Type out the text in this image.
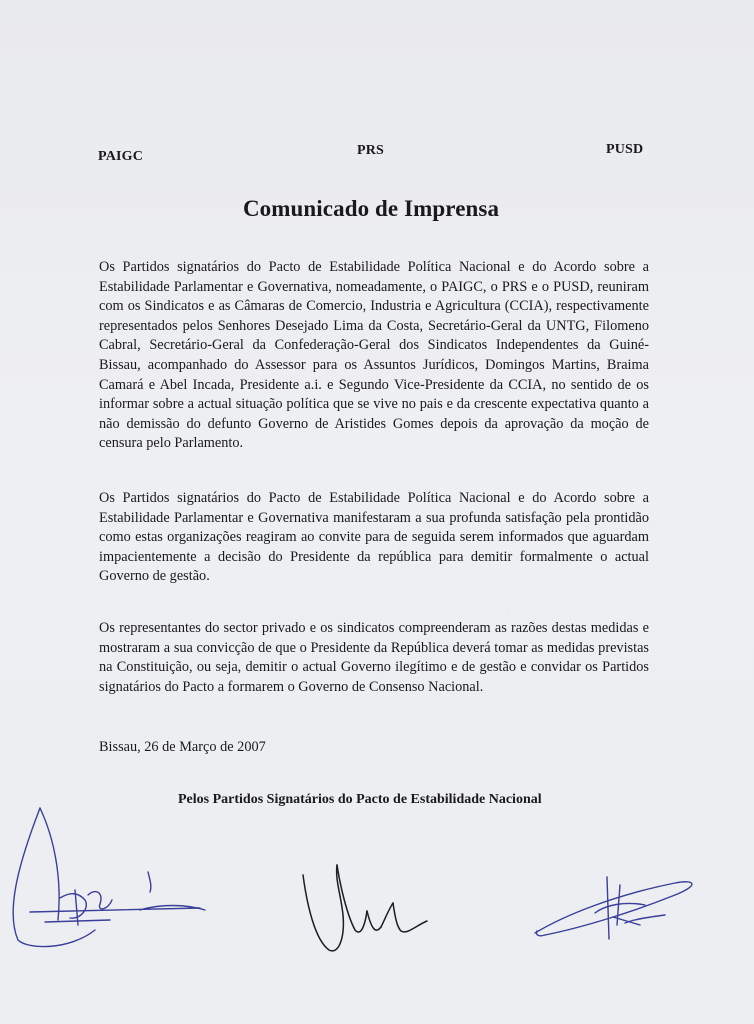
PAIGC	PRS	PUSD
Comunicado de Imprensa

Os Partidos signatários do Pacto de Estabilidade Política Nacional e do Acordo sobre a Estabilidade Parlamentar e Governativa, nomeadamente, o PAIGC, o PRS e o PUSD, reuniram com os Sindicatos e as Câmaras de Comercio, Industria e Agricultura (CCIA), respectivamente representados pelos Senhores Desejado Lima da Costa, Secretário-Geral da UNTG, Filomeno Cabral, Secretário-Geral da Confederação-Geral dos Sindicatos Independentes da Guiné-Bissau, acompanhado do Assessor para os Assuntos Jurídicos, Domingos Martins, Braima Camará e Abel Incada, Presidente a.i. e Segundo Vice-Presidente da CCIA, no sentido de os informar sobre a actual situação política que se vive no pais e da crescente expectativa quanto a não demissão do defunto Governo de Aristides Gomes depois da aprovação da moção de censura pelo Parlamento.

Os Partidos signatários do Pacto de Estabilidade Política Nacional e do Acordo sobre a Estabilidade Parlamentar e Governativa manifestaram a sua profunda satisfação pela prontidão como estas organizações reagiram ao convite para de seguida serem informados que aguardam impacientemente a decisão do Presidente da república para demitir formalmente o actual Governo de gestão.

Os representantes do sector privado e os sindicatos compreenderam as razões destas medidas e mostraram a sua convicção de que o Presidente da República deverá tomar as medidas previstas na Constituição, ou seja, demitir o actual Governo ilegítimo e de gestão e convidar os Partidos signatários do Pacto a formarem o Governo de Consenso Nacional.

Bissau, 26 de Março de 2007
Pelos Partidos Signatários do Pacto de Estabilidade Nacional
